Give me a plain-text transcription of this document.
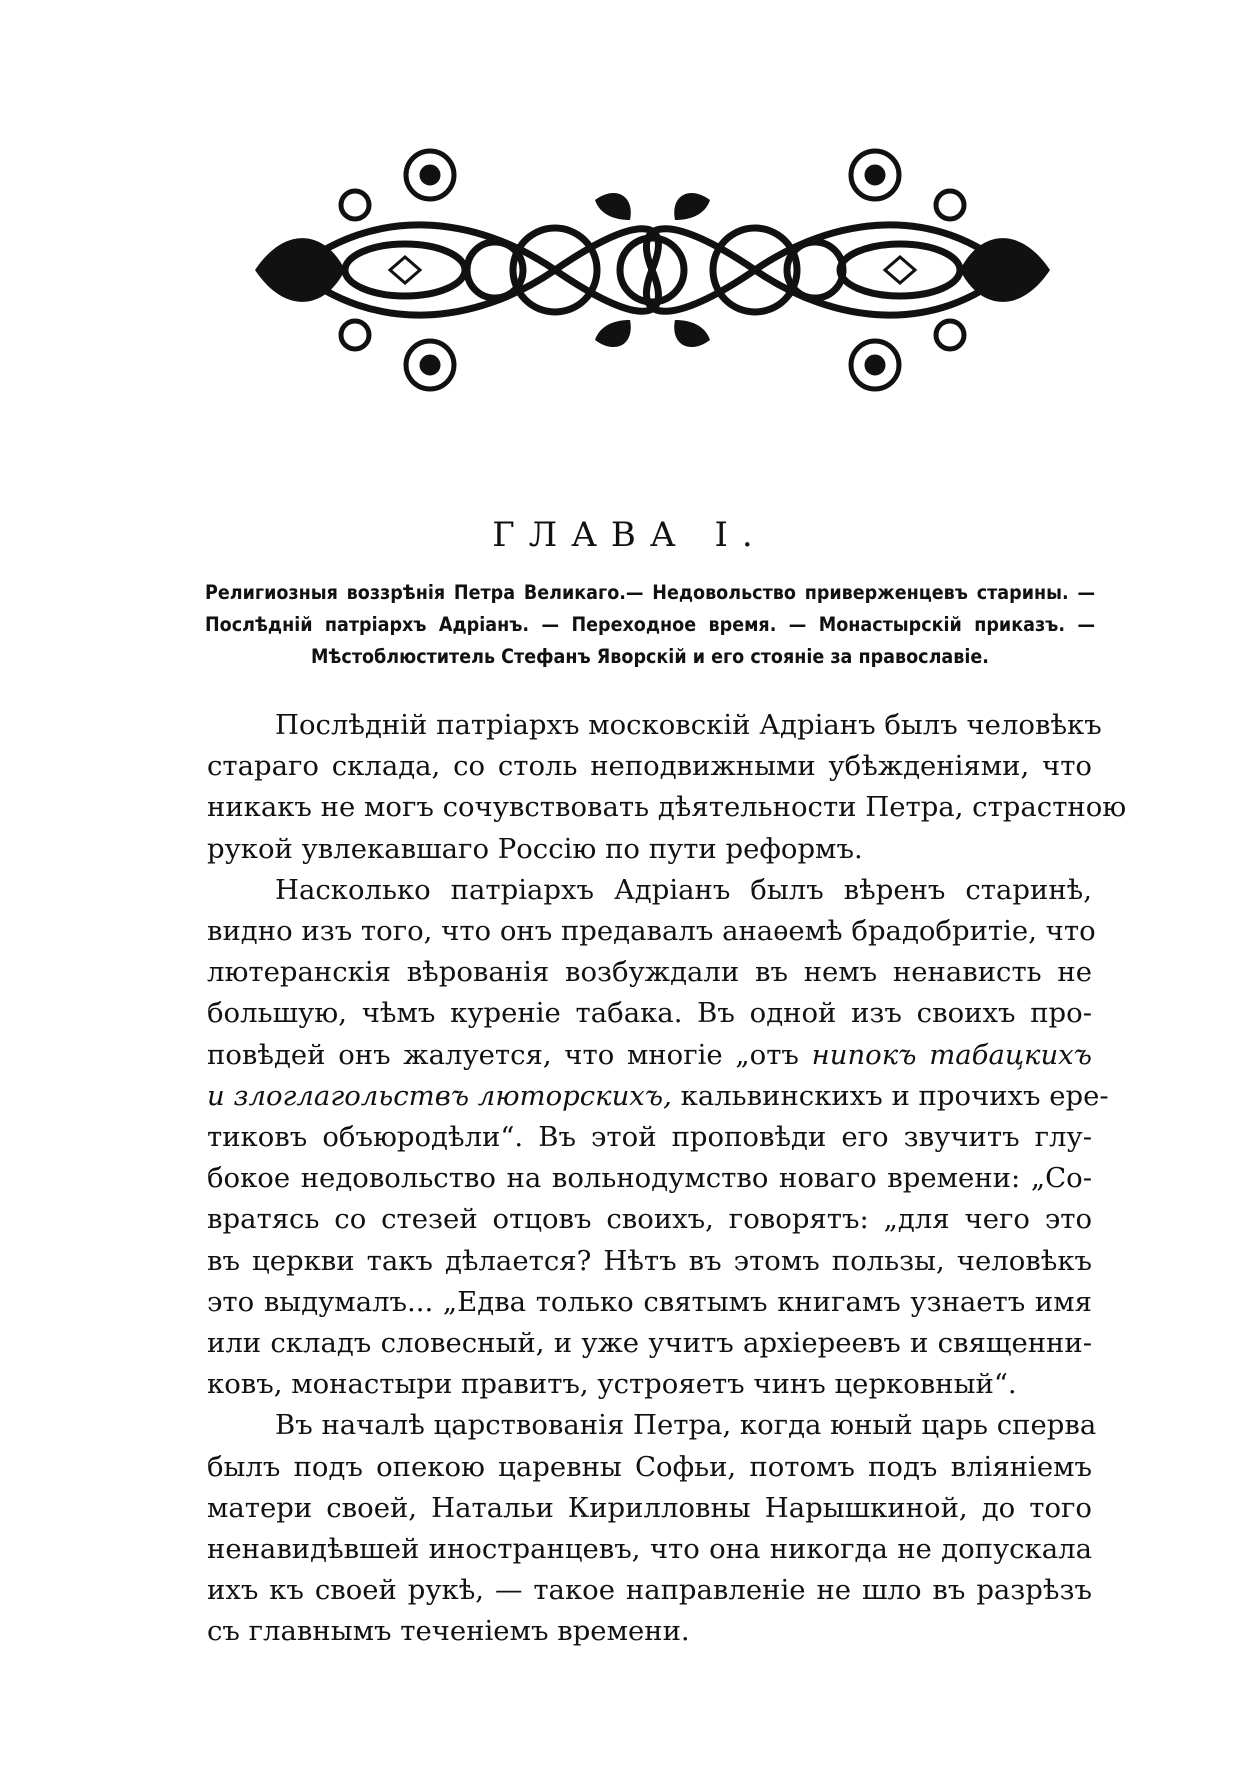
ГЛАВА I.
Религиозныя воззрѣнія Петра Великаго.— Недовольство приверженцевъ старины. —
Послѣдній патріархъ Адріанъ. — Переходное время. — Монастырскій приказъ. —
Мѣстоблюститель Стефанъ Яворскій и его стояніе за православіе.
Послѣдній патріархъ московскій Адріанъ былъ человѣкъ
стараго склада, со столь неподвижными убѣжденіями, что
никакъ не могъ сочувствовать дѣятельности Петра, страстною
рукой увлекавшаго Россію по пути реформъ.
Насколько патріархъ Адріанъ былъ вѣренъ старинѣ,
видно изъ того, что онъ предавалъ анаѳемѣ брадобритіе, что
лютеранскія вѣрованія возбуждали въ немъ ненависть не
большую, чѣмъ куреніе табака. Въ одной изъ своихъ про-
повѣдей онъ жалуется, что многіе „отъ нипокъ табацкихъ
и злоглагольствъ люторскихъ, кальвинскихъ и прочихъ ере-
тиковъ объюродѣли“. Въ этой проповѣди его звучитъ глу-
бокое недовольство на вольнодумство новаго времени: „Со-
вратясь со стезей отцовъ своихъ, говорятъ: „для чего это
въ церкви такъ дѣлается? Нѣтъ въ этомъ пользы, человѣкъ
это выдумалъ... „Едва только святымъ книгамъ узнаетъ имя
или складъ словесный, и уже учитъ архіереевъ и священни-
ковъ, монастыри правитъ, устрояетъ чинъ церковный“.
Въ началѣ царствованія Петра, когда юный царь сперва
былъ подъ опекою царевны Софьи, потомъ подъ вліяніемъ
матери своей, Натальи Кирилловны Нарышкиной, до того
ненавидѣвшей иностранцевъ, что она никогда не допускала
ихъ къ своей рукѣ, — такое направленіе не шло въ разрѣзъ
съ главнымъ теченіемъ времени.
